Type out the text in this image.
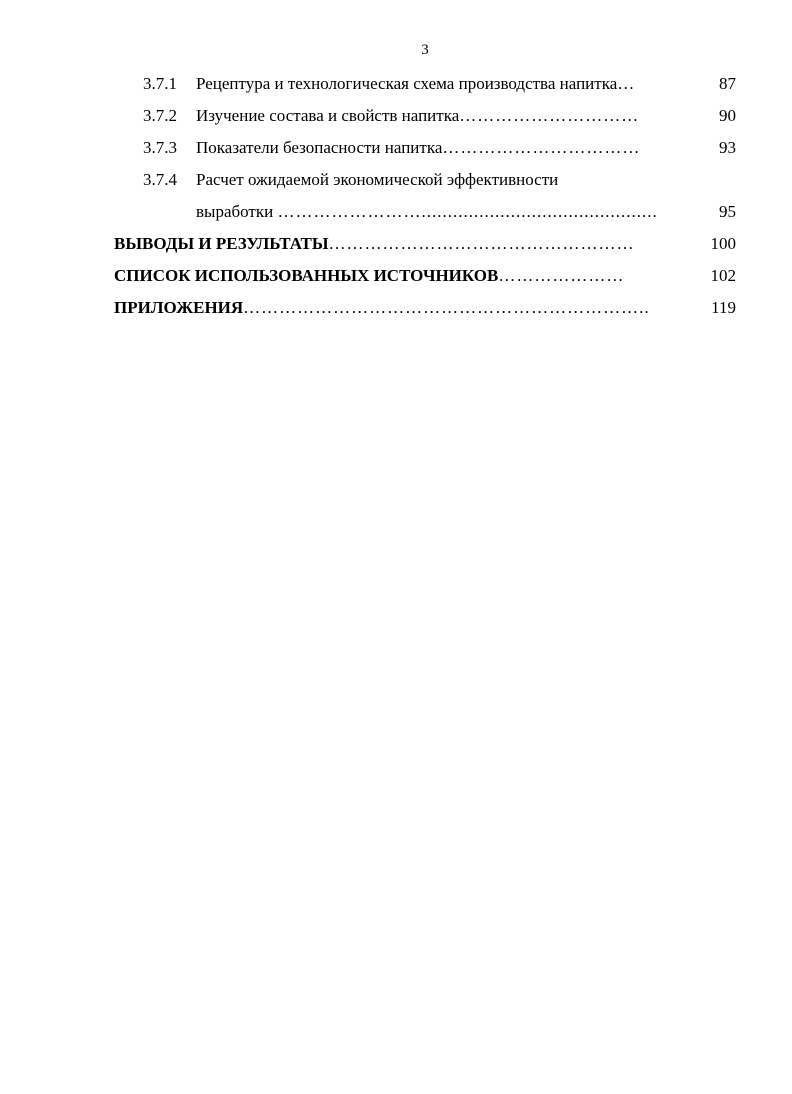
3
3.7.1 Рецептура и технологическая схема производства напитка…	87
3.7.2 Изучение состава и свойств напитка…………………………	90
3.7.3 Показатели безопасности напитка……………………………	93
3.7.4 Расчет ожидаемой экономической эффективности
выработки …………………….............................................	95
ВЫВОДЫ И РЕЗУЛЬТАТЫ……………………………………………	100
СПИСОК ИСПОЛЬЗОВАННЫХ ИСТОЧНИКОВ…………………	102
ПРИЛОЖЕНИЯ…………………………………………………………..	119
